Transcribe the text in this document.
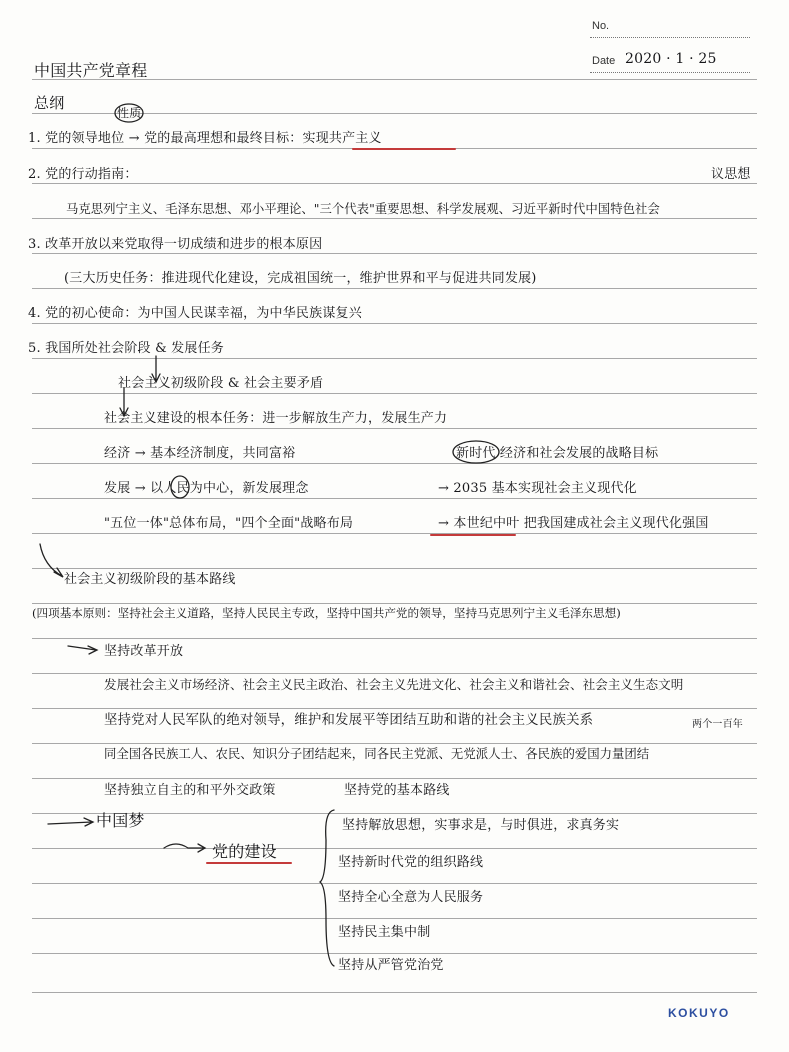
No.
Date 2020 · 1 · 25
中国共产党章程
总纲
性质
1. 党的领导地位 → 党的最高理想和最终目标：实现共产主义
2. 党的行动指南：	议思想
马克思列宁主义、毛泽东思想、邓小平理论、"三个代表"重要思想、科学发展观、习近平新时代中国特色社会
3. 改革开放以来党取得一切成绩和进步的根本原因
(三大历史任务：推进现代化建设，完成祖国统一，维护世界和平与促进共同发展)
4. 党的初心使命：为中国人民谋幸福，为中华民族谋复兴
5. 我国所处社会阶段 & 发展任务
社会主义初级阶段 & 社会主要矛盾
社会主义建设的根本任务：进一步解放生产力，发展生产力
经济 → 基本经济制度，共同富裕	新时代 经济和社会发展的战略目标
发展 → 以人民为中心，新发展理念	→ 2035 基本实现社会主义现代化
"五位一体"总体布局，"四个全面"战略布局	→ 本世纪中叶 把我国建成社会主义现代化强国
社会主义初级阶段的基本路线
(四项基本原则：坚持社会主义道路，坚持人民民主专政，坚持中国共产党的领导，坚持马克思列宁主义毛泽东思想)
坚持改革开放
发展社会主义市场经济、社会主义民主政治、社会主义先进文化、社会主义和谐社会、社会主义生态文明
坚持党对人民军队的绝对领导，维护和发展平等团结互助和谐的社会主义民族关系	两个一百年
同全国各民族工人、农民、知识分子团结起来，同各民主党派、无党派人士、各民族的爱国力量团结
坚持独立自主的和平外交政策	坚持党的基本路线
中国梦
党的建设
坚持解放思想，实事求是，与时俱进，求真务实
坚持新时代党的组织路线
坚持全心全意为人民服务
坚持民主集中制
坚持从严管党治党
KOKUYO
